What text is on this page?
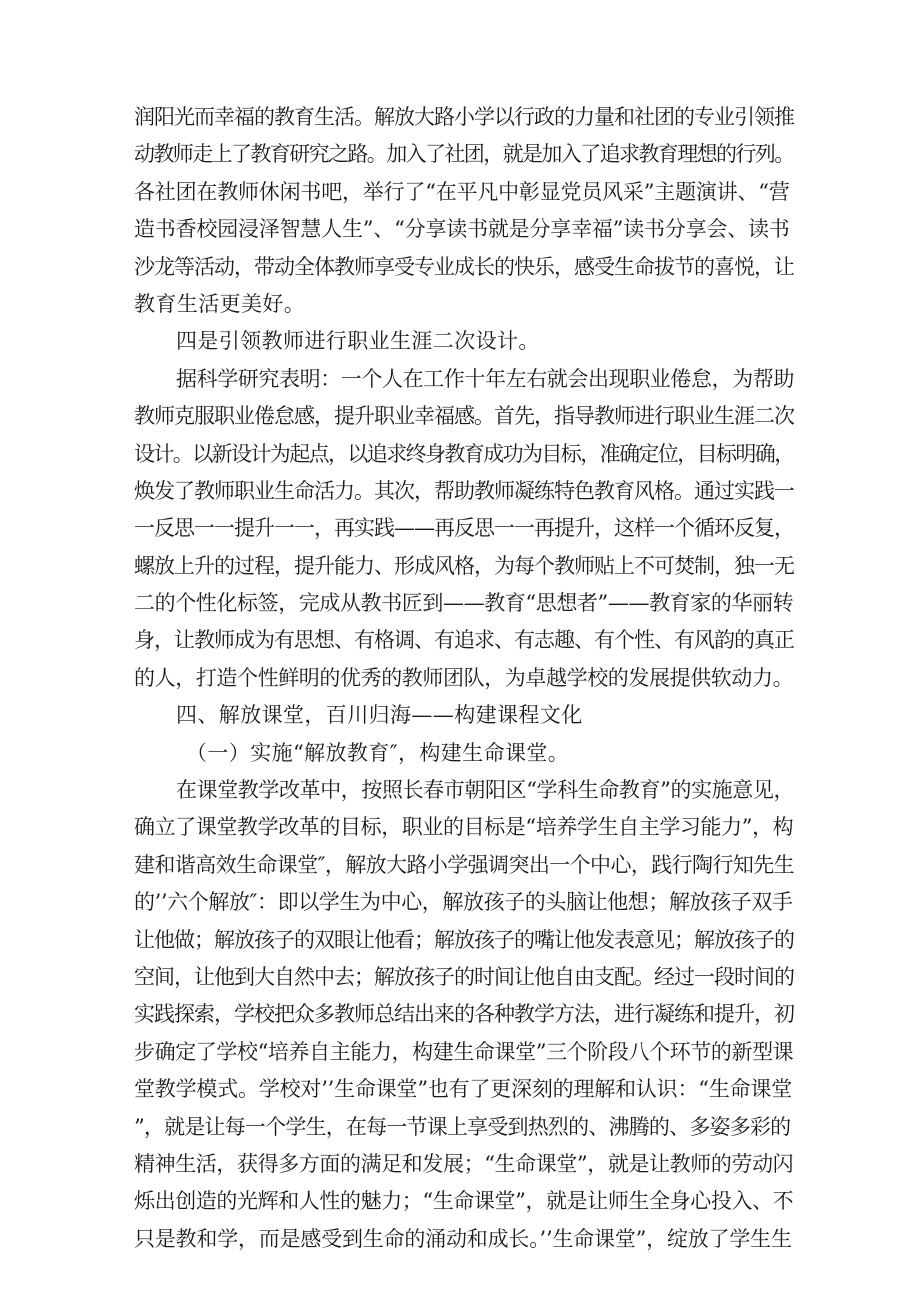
润阳光而幸福的教育生活。解放大路小学以行政的力量和社团的专业引领推
动教师走上了教育研究之路。加入了社团，就是加入了追求教育理想的行列。
各社团在教师休闲书吧，举行了“在平凡中彰显党员风采”主题演讲、“营
造书香校园浸泽智慧人生”、“分享读书就是分享幸福”读书分享会、读书
沙龙等活动，带动全体教师享受专业成长的快乐，感受生命拔节的喜悦，让
教育生活更美好。
四是引领教师进行职业生涯二次设计。
据科学研究表明：一个人在工作十年左右就会出现职业倦怠，为帮助
教师克服职业倦怠感，提升职业幸福感。首先，指导教师进行职业生涯二次
设计。以新设计为起点，以追求终身教育成功为目标，准确定位，目标明确，
焕发了教师职业生命活力。其次，帮助教师凝练特色教育风格。通过实践一
一反思一一提升一一，再实践——再反思一一再提升，这样一个循环反复，
螺放上升的过程，提升能力、形成风格，为每个教师贴上不可焚制，独一无
二的个性化标签，完成从教书匠到——教育“思想者”——教育家的华丽转
身，让教师成为有思想、有格调、有追求、有志趣、有个性、有风韵的真正
的人，打造个性鲜明的优秀的教师团队，为卓越学校的发展提供软动力。
四、解放课堂，百川归海——构建课程文化
（一）实施“解放教育″，构建生命课堂。
在课堂教学改革中，按照长春市朝阳区“学科生命教育”的实施意见，
确立了课堂教学改革的目标，职业的目标是“培养学生自主学习能力”，构
建和谐高效生命课堂″，解放大路小学强调突出一个中心，践行陶行知先生
的’’六个解放″：即以学生为中心，解放孩子的头脑让他想；解放孩子双手
让他做；解放孩子的双眼让他看；解放孩子的嘴让他发表意见；解放孩子的
空间，让他到大自然中去；解放孩子的时间让他自由支配。经过一段时间的
实践探索，学校把众多教师总结出来的各种教学方法，进行凝练和提升，初
步确定了学校“培养自主能力，构建生命课堂”三个阶段八个环节的新型课
堂教学模式。学校对’’生命课堂”也有了更深刻的理解和认识：“生命课堂
”，就是让每一个学生，在每一节课上享受到热烈的、沸腾的、多姿多彩的
精神生活，获得多方面的满足和发展；“生命课堂”，就是让教师的劳动闪
烁出创造的光辉和人性的魅力；“生命课堂”，就是让师生全身心投入、不
只是教和学，而是感受到生命的涌动和成长。’’生命课堂”，绽放了学生生
